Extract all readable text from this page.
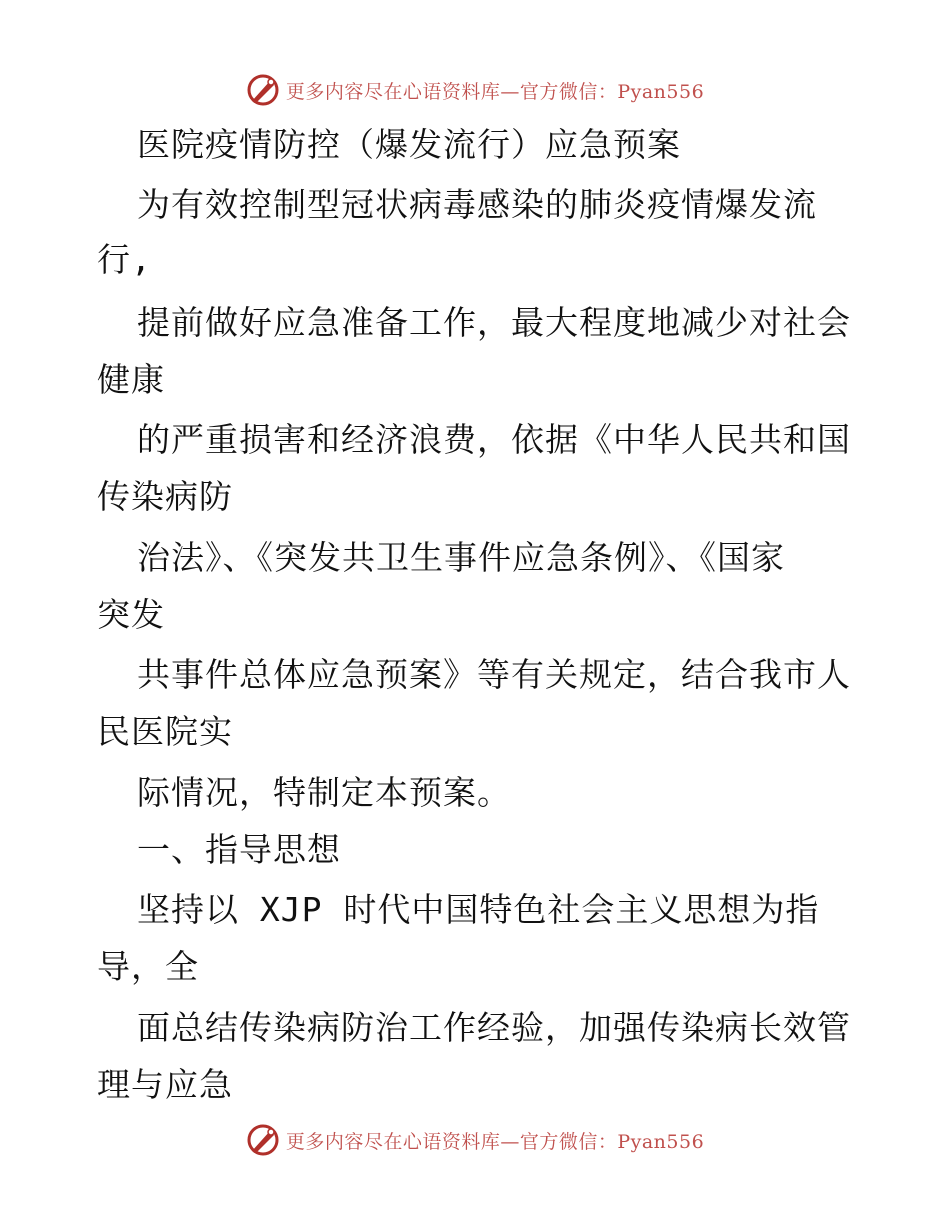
更多内容尽在心语资料库—官方微信：Pyan556
医院疫情防控（爆发流行）应急预案
为有效控制型冠状病毒感染的肺炎疫情爆发流
行,
提前做好应急准备工作，最大程度地减少对社会
健康
的严重损害和经济浪费，依据《中华人民共和国
传染病防
治法》、《突发共卫生事件应急条例》、《国家
突发
共事件总体应急预案》等有关规定，结合我市人
民医院实
际情况，特制定本预案。
一、指导思想
坚持以 XJP 时代中国特色社会主义思想为指
导，全
面总结传染病防治工作经验，加强传染病长效管
理与应急
更多内容尽在心语资料库—官方微信：Pyan556
